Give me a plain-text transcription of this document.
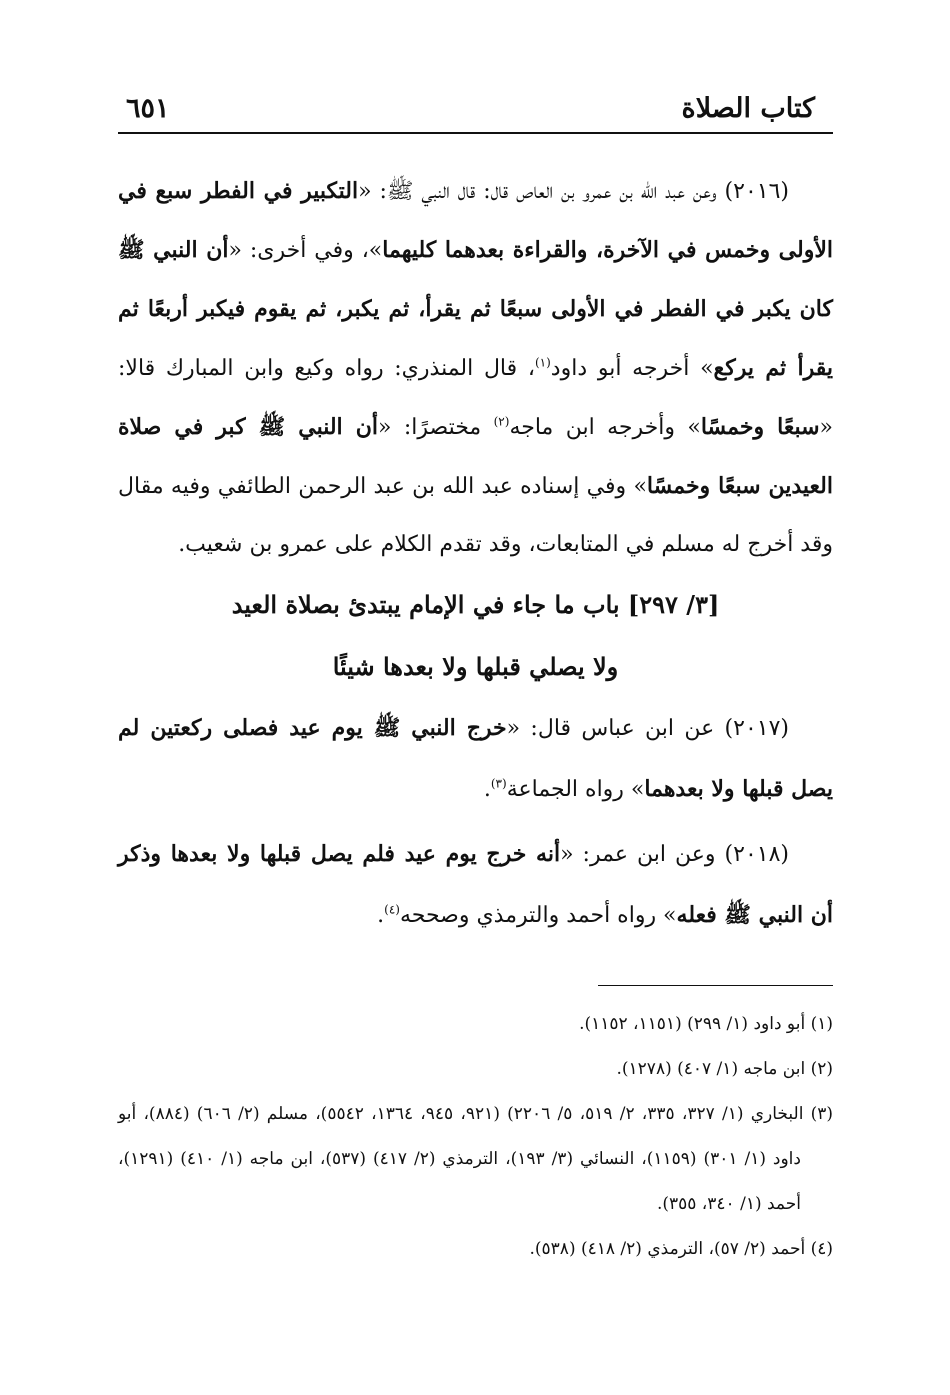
كتاب الصلاة
٦٥١

(٢٠١٦) وعن عبد الله بن عمرو بن العاص قال: قال النبي ﷺ: «التكبير في الفطر سبع في الأولى وخمس في الآخرة، والقراءة بعدهما كليهما»، وفي أخرى: «أن النبي ﷺ كان يكبر في الفطر في الأولى سبعًا ثم يقرأ، ثم يكبر، ثم يقوم فيكبر أربعًا ثم يقرأ ثم يركع» أخرجه أبو داود$^{(١)}$، قال المنذري: رواه وكيع وابن المبارك قالا: «سبعًا وخمسًا» وأخرجه ابن ماجه$^{(٢)}$ مختصرًا: «أن النبي ﷺ كبر في صلاة العيدين سبعًا وخمسًا» وفي إسناده عبد الله بن عبد الرحمن الطائفي وفيه مقال وقد أخرج له مسلم في المتابعات، وقد تقدم الكلام على عمرو بن شعيب.

[٣/ ٢٩٧] باب ما جاء في الإمام يبتدئ بصلاة العيد
ولا يصلي قبلها ولا بعدها شيئًا

(٢٠١٧) عن ابن عباس قال: «خرج النبي ﷺ يوم عيد فصلى ركعتين لم يصل قبلها ولا بعدهما» رواه الجماعة$^{(٣)}$.

(٢٠١٨) وعن ابن عمر: «أنه خرج يوم عيد فلم يصل قبلها ولا بعدها وذكر أن النبي ﷺ فعله» رواه أحمد والترمذي وصححه$^{(٤)}$.

(١) أبو داود (١/ ٢٩٩) (١١٥١، ١١٥٢).

(٢) ابن ماجه (١/ ٤٠٧) (١٢٧٨).

(٣) البخاري (١/ ٣٢٧، ٣٣٥، ٢/ ٥١٩، ٥/ ٢٢٠٦) (٩٢١، ٩٤٥، ١٣٦٤، ٥٥٤٢)، مسلم (٢/ ٦٠٦) (٨٨٤)، أبو داود (١/ ٣٠١) (١١٥٩)، النسائي (٣/ ١٩٣)، الترمذي (٢/ ٤١٧) (٥٣٧)، ابن ماجه (١/ ٤١٠) (١٢٩١)، أحمد (١/ ٣٤٠، ٣٥٥).

(٤) أحمد (٢/ ٥٧)، الترمذي (٢/ ٤١٨) (٥٣٨).
